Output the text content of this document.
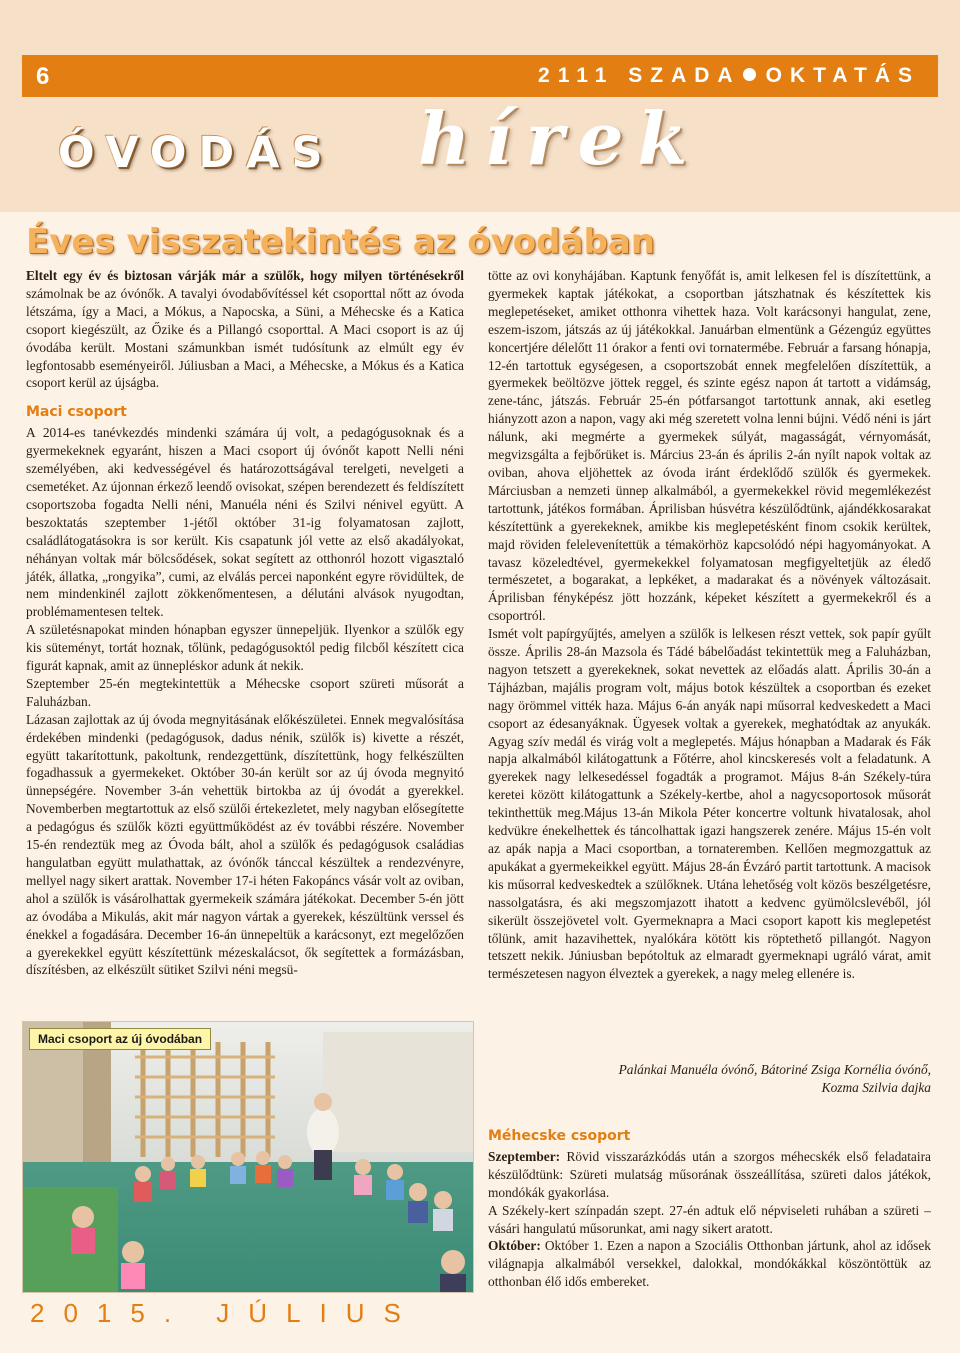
6	2111 SZADA OKTATÁS
ÓVODÁS hírek
Éves visszatekintés az óvodában

Eltelt egy év és biztosan várják már a szülők, hogy milyen történésekről számolnak be az óvónők. A tavalyi óvodabővítéssel két csoporttal nőtt az óvoda létszáma, így a Maci, a Mókus, a Napocska, a Süni, a Méhecske és a Katica csoport kiegészült, az Őzike és a Pillangó csoporttal. A Maci csoport is az új óvodába került. Mostani számunkban ismét tudósítunk az elmúlt egy év legfontosabb eseményeiről. Júliusban a Maci, a Méhecske, a Mókus és a Katica csoport kerül az újságba.

Maci csoport

A 2014-es tanévkezdés mindenki számára új volt, a pedagógusoknak és a gyermekeknek egyaránt, hiszen a Maci csoport új óvónőt kapott Nelli néni személyében, aki kedvességével és határozottságával terelgeti, nevelgeti a csemetéket. Az újonnan érkező leendő ovisokat, szépen berendezett és feldíszített csoportszoba fogadta Nelli néni, Manuéla néni és Szilvi nénivel együtt. A beszoktatás szeptember 1-jétől október 31-ig folyamatosan zajlott, családlátogatásokra is sor került. Kis csapatunk jól vette az első akadályokat, néhányan voltak már bölcsődések, sokat segített az otthonról hozott vigasztaló játék, állatka, „rongyika”, cumi, az elválás percei naponként egyre rövidültek, de nem mindenkinél zajlott zökkenőmentesen, a délutáni alvások nyugodtan, problémamentesen teltek.

A születésnapokat minden hónapban egyszer ünnepeljük. Ilyenkor a szülők egy kis süteményt, tortát hoznak, tőlünk, pedagógusoktól pedig filcből készített cica figurát kapnak, amit az ünnepléskor adunk át nekik.

Szeptember 25-én megtekintettük a Méhecske csoport szüreti műsorát a Faluházban.

Lázasan zajlottak az új óvoda megnyitásának előkészületei. Ennek megvalósítása érdekében mindenki (pedagógusok, dadus nénik, szülők is) kivette a részét, együtt takarítottunk, pakoltunk, rendezgettünk, díszítettünk, hogy felkészülten fogadhassuk a gyermekeket. Október 30-án került sor az új óvoda megnyitó ünnepségére. November 3-án vehettük birtokba az új óvodát a gyerekkel. Novemberben megtartottuk az első szülői értekezletet, mely nagyban elősegítette a pedagógus és szülők közti együttműködést az év további részére. November 15-én rendeztük meg az Óvoda bált, ahol a szülők és pedagógusok családias hangulatban együtt mulathattak, az óvónők tánccal készültek a rendezvényre, mellyel nagy sikert arattak. November 17-i héten Fakopáncs vásár volt az oviban, ahol a szülők is vásárolhattak gyermekeik számára játékokat. December 5-én jött az óvodába a Mikulás, akit már nagyon vártak a gyerekek, készültünk verssel és énekkel a fogadására. December 16-án ünnepeltük a karácsonyt, ezt megelőzően a gyerekekkel együtt készítettünk mézeskalácsot, ők segítettek a formázásban, díszítésben, az elkészült sütiket Szilvi néni megsü-

tötte az ovi konyhájában. Kaptunk fenyőfát is, amit lelkesen fel is díszítettünk, a gyermekek kaptak játékokat, a csoportban játszhatnak és készítettek kis meglepetéseket, amiket otthonra vihettek haza. Volt karácsonyi hangulat, zene, eszem-iszom, játszás az új játékokkal. Januárban elmentünk a Gézengúz együttes koncertjére délelőtt 11 órakor a fenti ovi tornatermébe. Február a farsang hónapja, 12-én tartottuk egységesen, a csoportszobát ennek megfelelően díszítettük, a gyermekek beöltözve jöttek reggel, és szinte egész napon át tartott a vidámság, zene-tánc, játszás. Február 25-én pótfarsangot tartottunk annak, aki esetleg hiányzott azon a napon, vagy aki még szeretett volna lenni bújni. Védő néni is járt nálunk, aki megmérte a gyermekek súlyát, magasságát, vérnyomását, megvizsgálta a fejbőrüket is. Március 23-án és április 2-án nyílt napok voltak az oviban, ahova eljöhettek az óvoda iránt érdeklődő szülők és gyermekek. Márciusban a nemzeti ünnep alkalmából, a gyermekekkel rövid megemlékezést tartottunk, játékos formában. Áprilisban húsvétra készülődtünk, ajándékkosarakat készítettünk a gyerekeknek, amikbe kis meglepetésként finom csokik kerültek, majd röviden felelevenítettük a témakörhöz kapcsolódó népi hagyományokat. A tavasz közeledtével, gyermekekkel folyamatosan megfigyeltetjük az éledő természetet, a bogarakat, a lepkéket, a madarakat és a növények változásait. Áprilisban fényképész jött hozzánk, képeket készített a gyermekekről és a csoportról.

Ismét volt papírgyűjtés, amelyen a szülők is lelkesen részt vettek, sok papír gyűlt össze. Április 28-án Mazsola és Tádé bábelőadást tekintettük meg a Faluházban, nagyon tetszett a gyerekeknek, sokat nevettek az előadás alatt. Április 30-án a Tájházban, majális program volt, május botok készültek a csoportban és ezeket nagy örömmel vitték haza. Május 6-án anyák napi műsorral kedveskedett a Maci csoport az édesanyáknak. Ügyesek voltak a gyerekek, meghatódtak az anyukák. Agyag szív medál és virág volt a meglepetés. Május hónapban a Madarak és Fák napja alkalmából kilátogattunk a Főtérre, ahol kincskeresés volt a feladatunk. A gyerekek nagy lelkesedéssel fogadták a programot. Május 8-án Székely-túra keretei között kilátogattunk a Székely-kertbe, ahol a nagycsoportosok műsorát tekinthettük meg.Május 13-án Mikola Péter koncertre voltunk hivatalosak, ahol kedvükre énekelhettek és táncolhattak igazi hangszerek zenére. Május 15-én volt az apák napja a Maci csoportban, a tornateremben. Kellően megmozgattuk az apukákat a gyermekeikkel együtt. Május 28-án Évzáró partit tartottunk. A macisok kis műsorral kedveskedtek a szülőknek. Utána lehetőség volt közös beszélgetésre, nassolgatásra, és aki megszomjazott ihatott a kedvenc gyümölcslevéből, jól sikerült összejövetel volt. Gyermeknapra a Maci csoport kapott kis meglepetést tőlünk, amit hazavihettek, nyalókára kötött kis röptethető pillangót. Nagyon tetszett nekik. Júniusban bepótoltuk az elmaradt gyermeknapi ugráló várat, amit természetesen nagyon élveztek a gyerekek, a nagy meleg ellenére is.

Palánkai Manuéla óvónő, Bátoriné Zsiga Kornélia óvónő,
Kozma Szilvia dajka
Maci csoport az új óvodában
Méhecske csoport

Szeptember: Rövid visszarázkódás után a szorgos méhecskék első feladataira készülődtünk: Szüreti mulatság műsorának összeállítása, szüreti dalos játékok, mondókák gyakorlása.

A Székely-kert színpadán szept. 27-én adtuk elő népviseleti ruhában a szüreti – vásári hangulatú műsorunkat, ami nagy sikert aratott.

Október: Október 1. Ezen a napon a Szociális Otthonban jártunk, ahol az idősek világnapja alkalmából versekkel, dalokkal, mondókákkal köszöntöttük az otthonban élő idős embereket.

2015. JÚLIUS
